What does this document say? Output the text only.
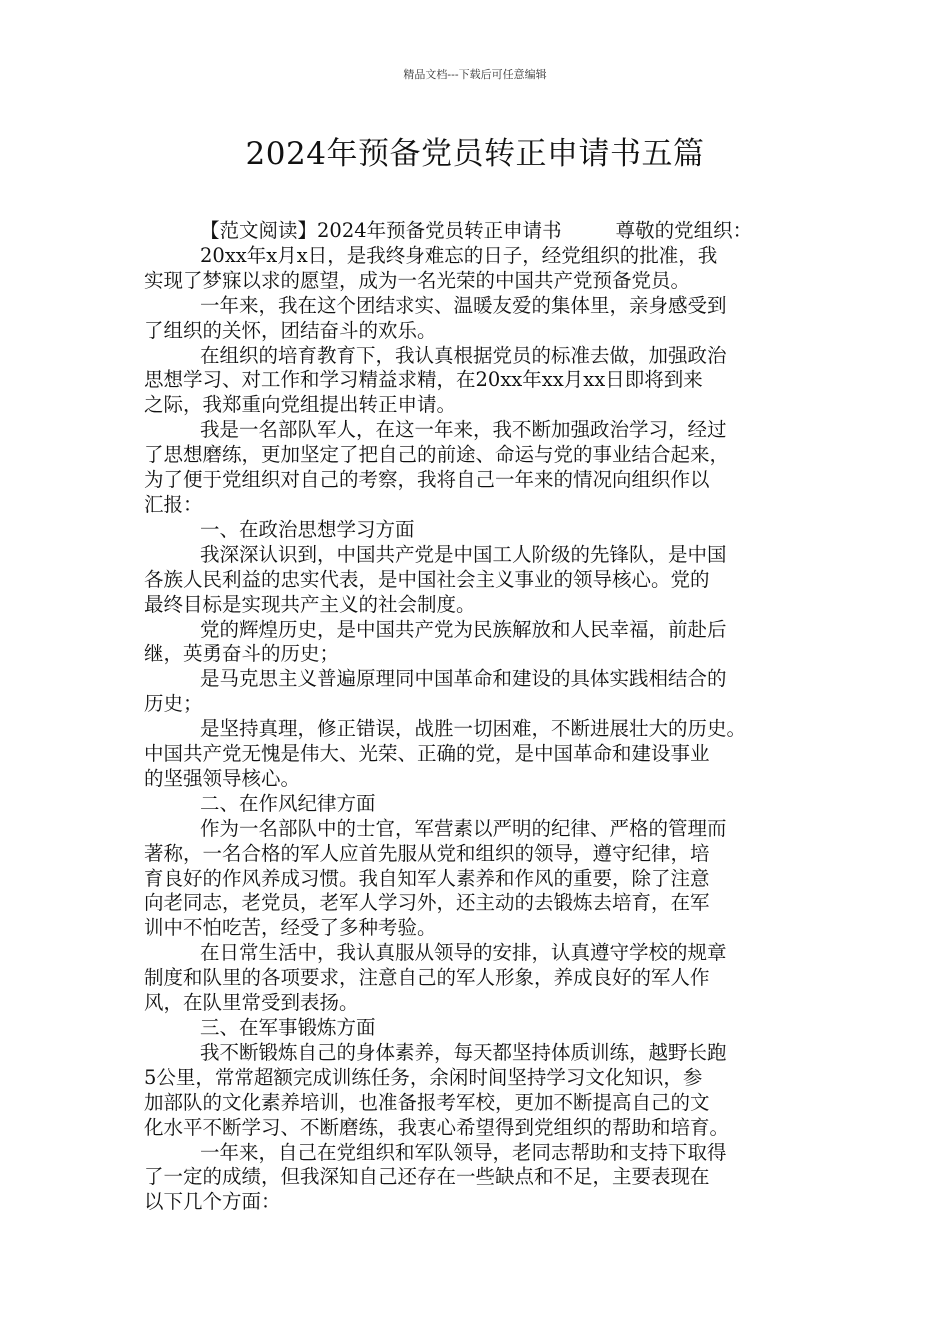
精品文档---下载后可任意编辑
2024年预备党员转正申请书五篇
【范文阅读】2024年预备党员转正申请书	尊敬的党组织：
20xx年x月x日，是我终身难忘的日子，经党组织的批准，我
实现了梦寐以求的愿望，成为一名光荣的中国共产党预备党员。
一年来，我在这个团结求实、温暖友爱的集体里，亲身感受到
了组织的关怀，团结奋斗的欢乐。
在组织的培育教育下，我认真根据党员的标准去做，加强政治
思想学习、对工作和学习精益求精，在20xx年xx月xx日即将到来
之际，我郑重向党组提出转正申请。
我是一名部队军人，在这一年来，我不断加强政治学习，经过
了思想磨练，更加坚定了把自己的前途、命运与党的事业结合起来，
为了便于党组织对自己的考察，我将自己一年来的情况向组织作以
汇报：
一、在政治思想学习方面
我深深认识到，中国共产党是中国工人阶级的先锋队，是中国
各族人民利益的忠实代表，是中国社会主义事业的领导核心。党的
最终目标是实现共产主义的社会制度。
党的辉煌历史，是中国共产党为民族解放和人民幸福，前赴后
继，英勇奋斗的历史；
是马克思主义普遍原理同中国革命和建设的具体实践相结合的
历史；
是坚持真理，修正错误，战胜一切困难，不断进展壮大的历史。
中国共产党无愧是伟大、光荣、正确的党，是中国革命和建设事业
的坚强领导核心。
二、在作风纪律方面
作为一名部队中的士官，军营素以严明的纪律、严格的管理而
著称，一名合格的军人应首先服从党和组织的领导，遵守纪律，培
育良好的作风养成习惯。我自知军人素养和作风的重要，除了注意
向老同志，老党员，老军人学习外，还主动的去锻炼去培育，在军
训中不怕吃苦，经受了多种考验。
在日常生活中，我认真服从领导的安排，认真遵守学校的规章
制度和队里的各项要求，注意自己的军人形象，养成良好的军人作
风，在队里常受到表扬。
三、在军事锻炼方面
我不断锻炼自己的身体素养，每天都坚持体质训练，越野长跑
5公里，常常超额完成训练任务，余闲时间坚持学习文化知识，参
加部队的文化素养培训，也准备报考军校，更加不断提高自己的文
化水平不断学习、不断磨练，我衷心希望得到党组织的帮助和培育。
一年来，自己在党组织和军队领导，老同志帮助和支持下取得
了一定的成绩，但我深知自己还存在一些缺点和不足，主要表现在
以下几个方面：
